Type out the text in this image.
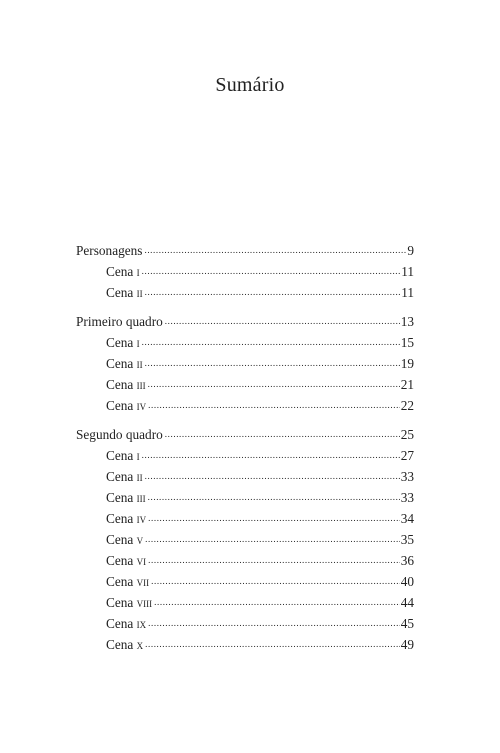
Sumário
Personagens .....	9
Cena i .....	11
Cena ii .....	11
Primeiro quadro .....	13
Cena i .....	15
Cena ii .....	19
Cena iii .....	21
Cena iv .....	22
Segundo quadro .....	25
Cena i .....	27
Cena ii .....	33
Cena iii .....	33
Cena iv .....	34
Cena v .....	35
Cena vi .....	36
Cena vii .....	40
Cena viii .....	44
Cena ix .....	45
Cena x .....	49
